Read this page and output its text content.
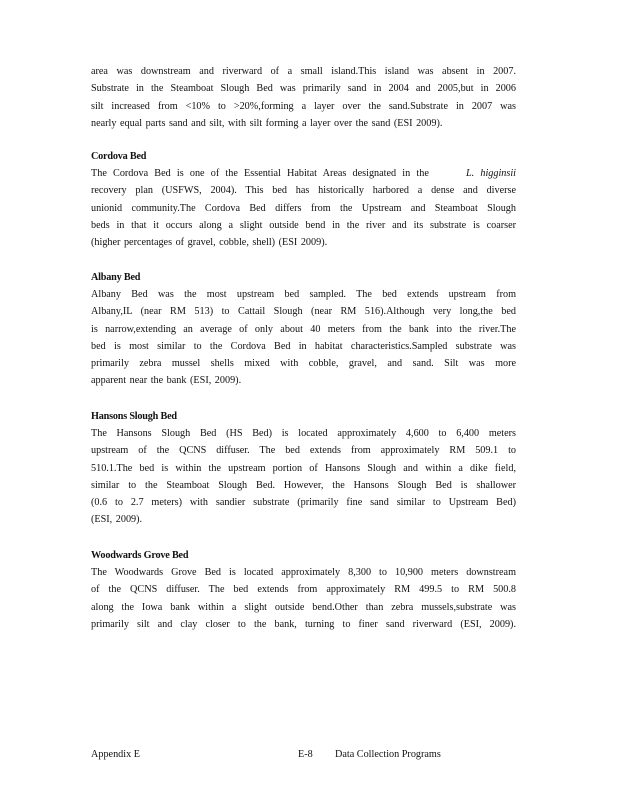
area was downstream and riverward of a small island.This island was absent in 2007.
Substrate in the Steamboat Slough Bed was primarily sand in 2004 and 2005,but in 2006
silt increased from <10% to >20%,forming a layer over the sand.Substrate in 2007 was
nearly equal parts sand and silt, with silt forming a layer over the sand (ESI 2009).
Cordova Bed
The Cordova Bed is one of the Essential Habitat Areas designated in the	L. higginsii
recovery plan (USFWS, 2004). This bed has historically harbored a dense and diverse
unionid community.The Cordova Bed differs from the Upstream and Steamboat Slough
beds in that it occurs along a slight outside bend in the river and its substrate is coarser
(higher percentages of gravel, cobble, shell) (ESI 2009).
Albany Bed
Albany Bed was the most upstream bed sampled. The bed extends upstream from
Albany,IL (near RM 513) to Cattail Slough (near RM 516).Although very long,the bed
is narrow,extending an average of only about 40 meters from the bank into the river.The
bed is most similar to the Cordova Bed in habitat characteristics.Sampled substrate was
primarily zebra mussel shells mixed with cobble, gravel, and sand. Silt was more
apparent near the bank (ESI, 2009).
Hansons Slough Bed
The Hansons Slough Bed (HS Bed) is located approximately 4,600 to 6,400 meters
upstream of the QCNS diffuser. The bed extends from approximately RM 509.1 to
510.1.The bed is within the upstream portion of Hansons Slough and within a dike field,
similar to the Steamboat Slough Bed. However, the Hansons Slough Bed is shallower
(0.6 to 2.7 meters) with sandier substrate (primarily fine sand similar to Upstream Bed)
(ESI, 2009).
Woodwards Grove Bed
The Woodwards Grove Bed is located approximately 8,300 to 10,900 meters downstream
of the QCNS diffuser. The bed extends from approximately RM 499.5 to RM 500.8
along the Iowa bank within a slight outside bend.Other than zebra mussels,substrate was
primarily silt and clay closer to the bank, turning to finer sand riverward (ESI, 2009).
Appendix E	E-8 Data Collection Programs
